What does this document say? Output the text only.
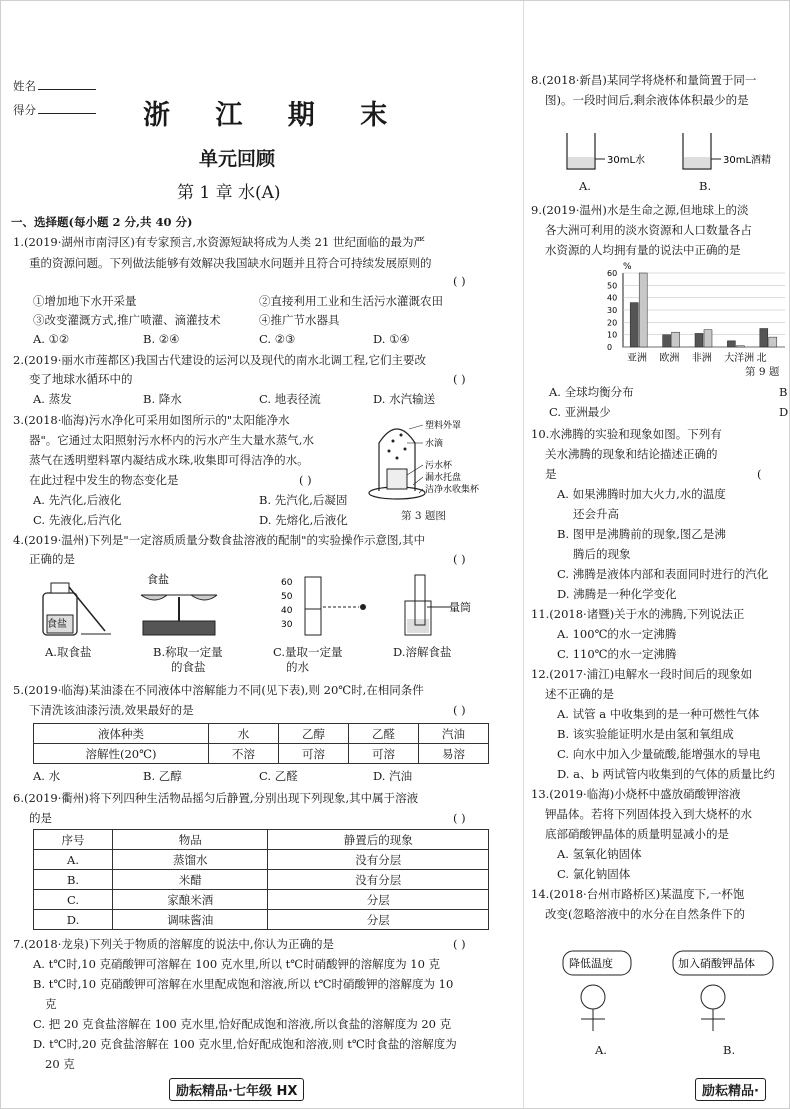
姓名
得分	浙 江 期 末
单元回顾
第 1 章 水(A)
一、选择题(每小题 2 分,共 40 分)
1.(2019·湖州市南浔区)有专家预言,水资源短缺将成为人类 21 世纪面临的最为严
重的资源问题。下列做法能够有效解决我国缺水问题并且符合可持续发展原则的
( )
①增加地下水开采量	②直接利用工业和生活污水灌溉农田
③改变灌溉方式,推广喷灌、滴灌技术	④推广节水器具
A. ①②	B. ②④	C. ②③	D. ①④
2.(2019·丽水市莲都区)我国古代建设的运河以及现代的南水北调工程,它们主要改
变了地球水循环中的	( )
A. 蒸发	B. 降水	C. 地表径流	D. 水汽输送
3.(2018·临海)污水净化可采用如图所示的"太阳能净水
器"。它通过太阳照射污水杯内的污水产生大量水蒸气,水
蒸气在透明塑料罩内凝结成水珠,收集即可得洁净的水。
在此过程中发生的物态变化是	( )
A. 先汽化,后液化	B. 先汽化,后凝固
C. 先液化,后汽化	D. 先熔化,后液化
塑料外罩
水滴
污水杯
漏水托盘
洁净水收集杯
第 3 题图
4.(2019·温州)下列是"一定溶质质量分数食盐溶液的配制"的实验操作示意图,其中
正确的是	( )
食盐
食盐	60
50
40
30
量筒
A.取食盐	B.称取一定量
的食盐
C.量取一定量
的水
D.溶解食盐
5.(2019·临海)某油漆在不同液体中溶解能力不同(见下表),则 20℃时,在相同条件
下清洗该油漆污渍,效果最好的是	( )
液体种类	水	乙醇	乙醛	汽油
溶解性(20℃)	不溶	可溶	可溶	易溶
A. 水	B. 乙醇	C. 乙醛	D. 汽油
6.(2019·衢州)将下列四种生活物品摇匀后静置,分别出现下列现象,其中属于溶液
的是	( )
序号	物品	静置后的现象
A.	蒸馏水	没有分层
B.	米醋	没有分层
C.	家酿米酒	分层
D.	调味酱油	分层
7.(2018·龙泉)下列关于物质的溶解度的说法中,你认为正确的是	( )
A. t℃时,10 克硝酸钾可溶解在 100 克水里,所以 t℃时硝酸钾的溶解度为 10 克
B. t℃时,10 克硝酸钾可溶解在水里配成饱和溶液,所以 t℃时硝酸钾的溶解度为 10
克
C. 把 20 克食盐溶解在 100 克水里,恰好配成饱和溶液,所以食盐的溶解度为 20 克
D. t℃时,20 克食盐溶解在 100 克水里,恰好配成饱和溶液,则 t℃时食盐的溶解度为
20 克
励耘精品·七年级 HX	励耘精品·
8.(2018·新昌)某同学将烧杯和量筒置于同一
图)。一段时间后,剩余液体体积最少的是
30mL水	30mL酒精
A.	B.
9.(2019·温州)水是生命之源,但地球上的淡
各大洲可利用的淡水资源和人口数量各占
水资源的人均拥有量的说法中正确的是
%
60
50
40
30
20
10
0
亚洲 欧洲 非洲 大洋洲 北
第 9 题
A. 全球均衡分布	B
C. 亚洲最少	D
10.水沸腾的实验和现象如图。下列有
关水沸腾的现象和结论描述正确的
是	(
A. 如果沸腾时加大火力,水的温度
还会升高
B. 图甲是沸腾前的现象,图乙是沸
腾后的现象
C. 沸腾是液体内部和表面同时进行的汽化
D. 沸腾是一种化学变化
11.(2018·诸暨)关于水的沸腾,下列说法正
A. 100℃的水一定沸腾
C. 110℃的水一定沸腾
12.(2017·浦江)电解水一段时间后的现象如
述不正确的是
A. 试管 a 中收集到的是一种可燃性气体
B. 该实验能证明水是由氢和氧组成
C. 向水中加入少量硫酸,能增强水的导电
D. a、b 两试管内收集到的气体的质量比约
13.(2019·临海)小烧杯中盛放硝酸钾溶液
钾晶体。若将下列固体投入到大烧杯的水
底部硝酸钾晶体的质量明显减小的是
A. 氢氧化钠固体
C. 氯化钠固体
14.(2018·台州市路桥区)某温度下,一杯饱
改变(忽略溶液中的水分在自然条件下的
降低温度	加入硝酸钾晶体
A.	B.
